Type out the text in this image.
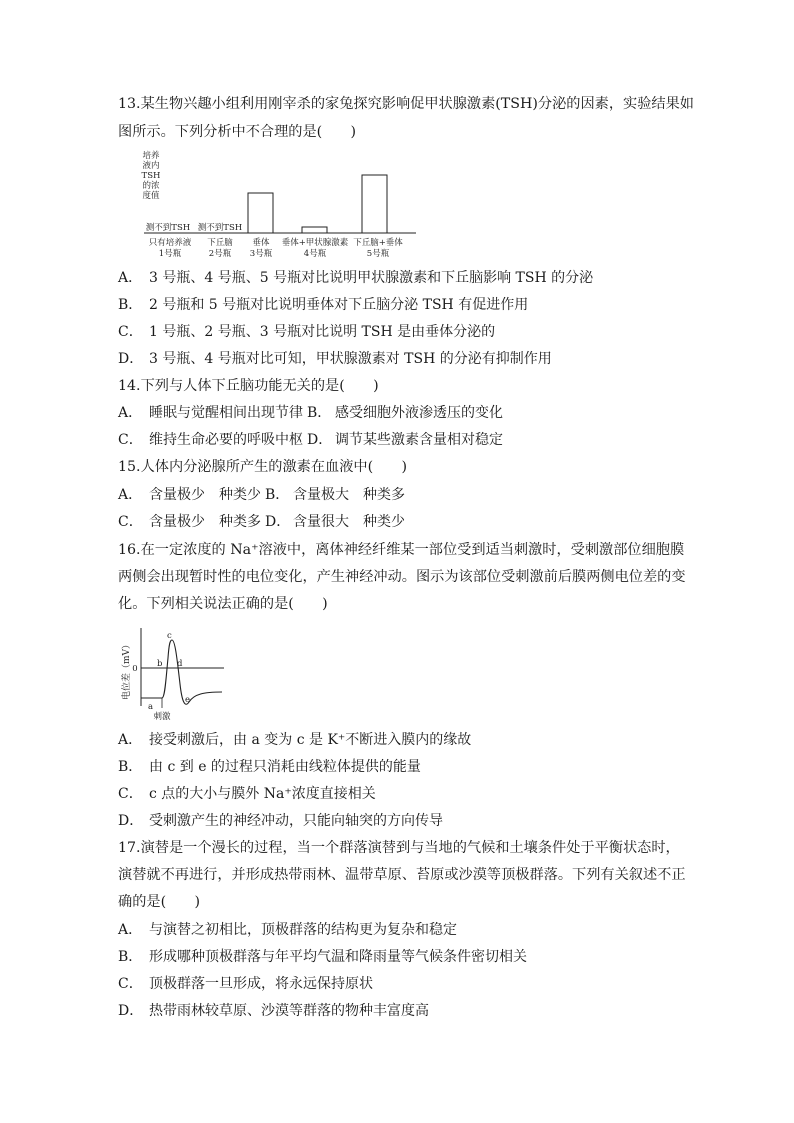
13.某生物兴趣小组利用刚宰杀的家兔探究影响促甲状腺激素(TSH)分泌的因素，实验结果如
图所示。下列分析中不合理的是(　　)
培养
液内
TSH
的浓
度值
测不到TSH 测不到TSH
只有培养液
1号瓶
下丘脑
2号瓶
垂体
3号瓶
垂体+甲状腺激素
4号瓶
下丘脑+垂体
5号瓶
A． 3 号瓶、4 号瓶、5 号瓶对比说明甲状腺激素和下丘脑影响 TSH 的分泌
B． 2 号瓶和 5 号瓶对比说明垂体对下丘脑分泌 TSH 有促进作用
C． 1 号瓶、2 号瓶、3 号瓶对比说明 TSH 是由垂体分泌的
D． 3 号瓶、4 号瓶对比可知，甲状腺激素对 TSH 的分泌有抑制作用
14.下列与人体下丘脑功能无关的是(　　)
A． 睡眠与觉醒相间出现节律 B． 感受细胞外液渗透压的变化
C． 维持生命必要的呼吸中枢 D． 调节某些激素含量相对稳定
15.人体内分泌腺所产生的激素在血液中(　　)
A． 含量极少　种类少 B． 含量极大　种类多
C． 含量极少　种类多 D． 含量很大　种类少
16.在一定浓度的 Na⁺溶液中，离体神经纤维某一部位受到适当刺激时，受刺激部位细胞膜
两侧会出现暂时性的电位变化，产生神经冲动。图示为该部位受刺激前后膜两侧电位差的变
化。下列相关说法正确的是(　　)
电位差（mV） 0
a
b
c
d
e
刺激
A． 接受刺激后，由 a 变为 c 是 K⁺不断进入膜内的缘故
B． 由 c 到 e 的过程只消耗由线粒体提供的能量
C． c 点的大小与膜外 Na⁺浓度直接相关
D． 受刺激产生的神经冲动，只能向轴突的方向传导
17.演替是一个漫长的过程，当一个群落演替到与当地的气候和土壤条件处于平衡状态时，
演替就不再进行，并形成热带雨林、温带草原、苔原或沙漠等顶极群落。下列有关叙述不正
确的是(　　)
A． 与演替之初相比，顶极群落的结构更为复杂和稳定
B． 形成哪种顶极群落与年平均气温和降雨量等气候条件密切相关
C． 顶极群落一旦形成，将永远保持原状
D． 热带雨林较草原、沙漠等群落的物种丰富度高
